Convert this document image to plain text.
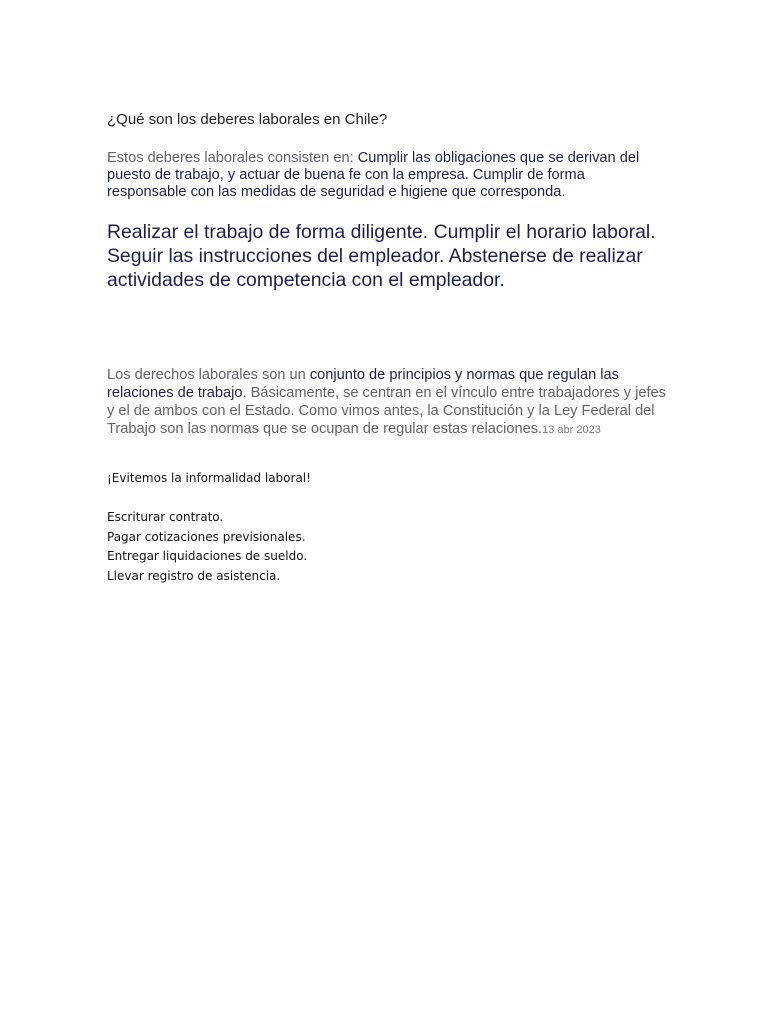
¿Qué son los deberes laborales en Chile?
Estos deberes laborales consisten en: Cumplir las obligaciones que se derivan del puesto de trabajo, y actuar de buena fe con la empresa. Cumplir de forma responsable con las medidas de seguridad e higiene que corresponda.
Realizar el trabajo de forma diligente. Cumplir el horario laboral. Seguir las instrucciones del empleador. Abstenerse de realizar actividades de competencia con el empleador.
Los derechos laborales son un conjunto de principios y normas que regulan las relaciones de trabajo. Básicamente, se centran en el vínculo entre trabajadores y jefes y el de ambos con el Estado. Como vimos antes, la Constitución y la Ley Federal del Trabajo son las normas que se ocupan de regular estas relaciones.13 abr 2023
¡Evitemos la informalidad laboral!
Escriturar contrato.
Pagar cotizaciones previsionales.
Entregar liquidaciones de sueldo.
Llevar registro de asistencia.
